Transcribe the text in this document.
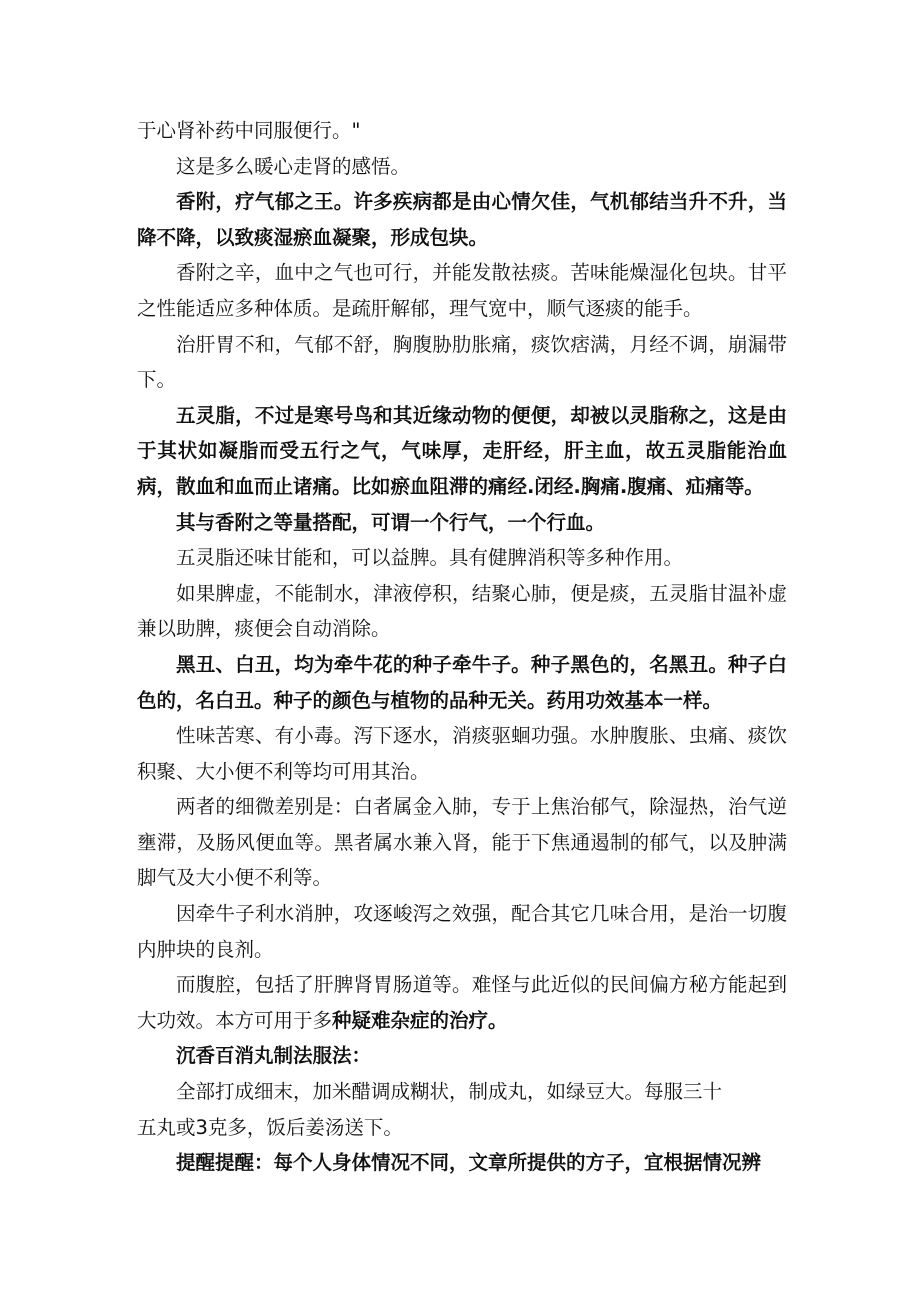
于心肾补药中同服便行。"

这是多么暖心走肾的感悟。

香附，疗气郁之王。许多疾病都是由心情欠佳，气机郁结当升不升，当降不降，以致痰湿瘀血凝聚，形成包块。

香附之辛，血中之气也可行，并能发散祛痰。苦味能燥湿化包块。甘平之性能适应多种体质。是疏肝解郁，理气宽中，顺气逐痰的能手。

治肝胃不和，气郁不舒，胸腹胁肋胀痛，痰饮痞满，月经不调，崩漏带下。

五灵脂，不过是寒号鸟和其近缘动物的便便，却被以灵脂称之，这是由于其状如凝脂而受五行之气，气味厚，走肝经，肝主血，故五灵脂能治血病，散血和血而止诸痛。比如瘀血阻滞的痛经.闭经.胸痛.腹痛、疝痛等。

其与香附之等量搭配，可谓一个行气，一个行血。

五灵脂还味甘能和，可以益脾。具有健脾消积等多种作用。

如果脾虚，不能制水，津液停积，结聚心肺，便是痰，五灵脂甘温补虚兼以助脾，痰便会自动消除。

黑丑、白丑，均为牵牛花的种子牵牛子。种子黑色的，名黑丑。种子白色的，名白丑。种子的颜色与植物的品种无关。药用功效基本一样。

性味苦寒、有小毒。泻下逐水，消痰驱蛔功强。水肿腹胀、虫痛、痰饮积聚、大小便不利等均可用其治。

两者的细微差别是：白者属金入肺，专于上焦治郁气，除湿热，治气逆壅滞，及肠风便血等。黑者属水兼入肾，能于下焦通遏制的郁气，以及肿满脚气及大小便不利等。

因牵牛子利水消肿，攻逐峻泻之效强，配合其它几味合用，是治一切腹内肿块的良剂。

而腹腔，包括了肝脾肾胃肠道等。难怪与此近似的民间偏方秘方能起到大功效。本方可用于多种疑难杂症的治疗。

沉香百消丸制法服法：

全部打成细末，加米醋调成糊状，制成丸，如绿豆大。每服三十

五丸或3克多，饭后姜汤送下。

提醒提醒：每个人身体情况不同，文章所提供的方子，宜根据情况辨
